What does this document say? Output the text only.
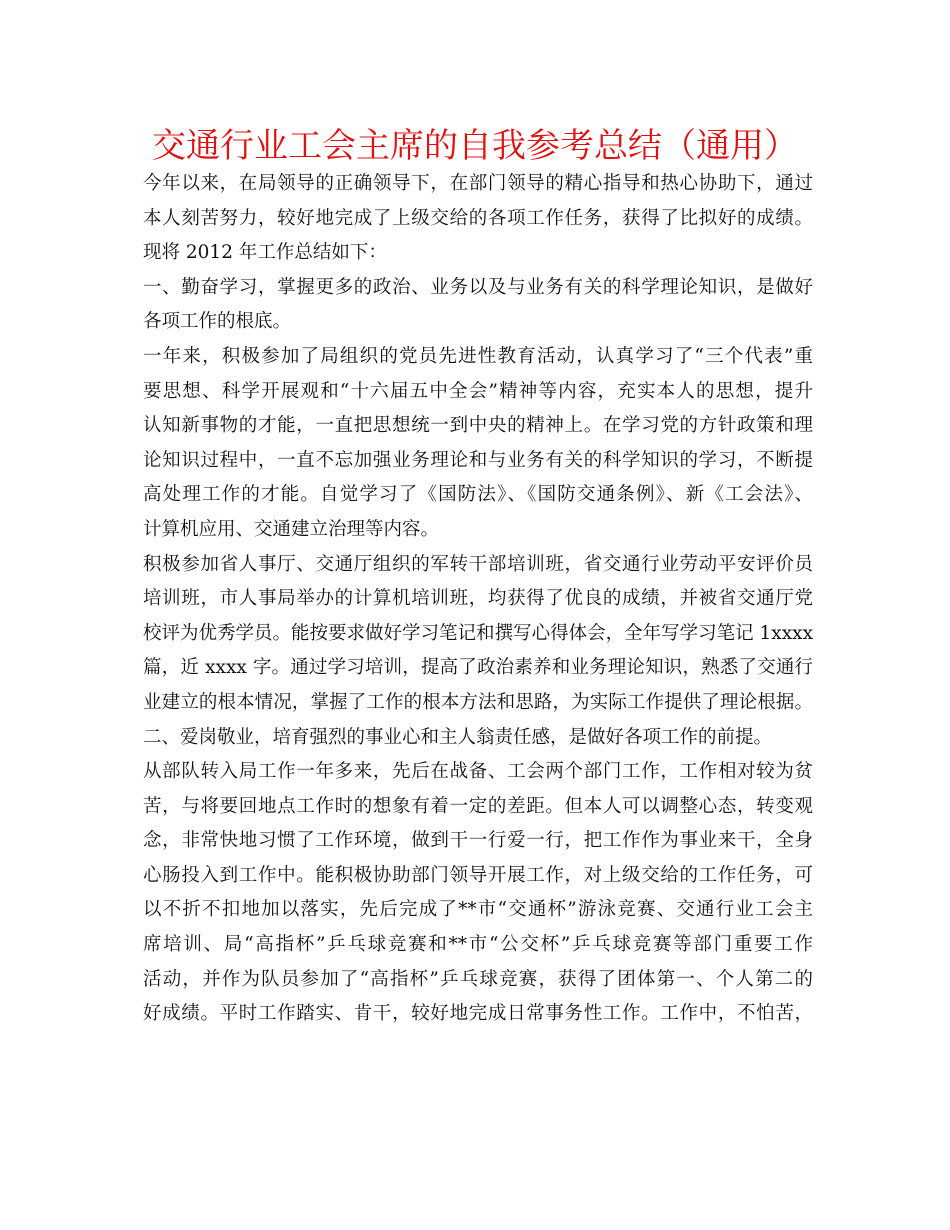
交通行业工会主席的自我参考总结（通用）
今年以来，在局领导的正确领导下，在部门领导的精心指导和热心协助下，通过
本人刻苦努力，较好地完成了上级交给的各项工作任务，获得了比拟好的成绩。
现将 2012 年工作总结如下：
一、勤奋学习，掌握更多的政治、业务以及与业务有关的科学理论知识，是做好
各项工作的根底。
一年来，积极参加了局组织的党员先进性教育活动，认真学习了“三个代表”重
要思想、科学开展观和“十六届五中全会”精神等内容，充实本人的思想，提升
认知新事物的才能，一直把思想统一到中央的精神上。在学习党的方针政策和理
论知识过程中，一直不忘加强业务理论和与业务有关的科学知识的学习，不断提
高处理工作的才能。自觉学习了《国防法》、《国防交通条例》、新《工会法》、
计算机应用、交通建立治理等内容。
积极参加省人事厅、交通厅组织的军转干部培训班，省交通行业劳动平安评价员
培训班，市人事局举办的计算机培训班，均获得了优良的成绩，并被省交通厅党
校评为优秀学员。能按要求做好学习笔记和撰写心得体会，全年写学习笔记 1xxxx
篇，近 xxxx 字。通过学习培训，提高了政治素养和业务理论知识，熟悉了交通行
业建立的根本情况，掌握了工作的根本方法和思路，为实际工作提供了理论根据。
二、爱岗敬业，培育强烈的事业心和主人翁责任感，是做好各项工作的前提。
从部队转入局工作一年多来，先后在战备、工会两个部门工作，工作相对较为贫
苦，与将要回地点工作时的想象有着一定的差距。但本人可以调整心态，转变观
念，非常快地习惯了工作环境，做到干一行爱一行，把工作作为事业来干，全身
心肠投入到工作中。能积极协助部门领导开展工作，对上级交给的工作任务，可
以不折不扣地加以落实，先后完成了**市“交通杯”游泳竞赛、交通行业工会主
席培训、局“高指杯”乒乓球竞赛和**市“公交杯”乒乓球竞赛等部门重要工作
活动，并作为队员参加了“高指杯”乒乓球竞赛，获得了团体第一、个人第二的
好成绩。平时工作踏实、肯干，较好地完成日常事务性工作。工作中，不怕苦，
